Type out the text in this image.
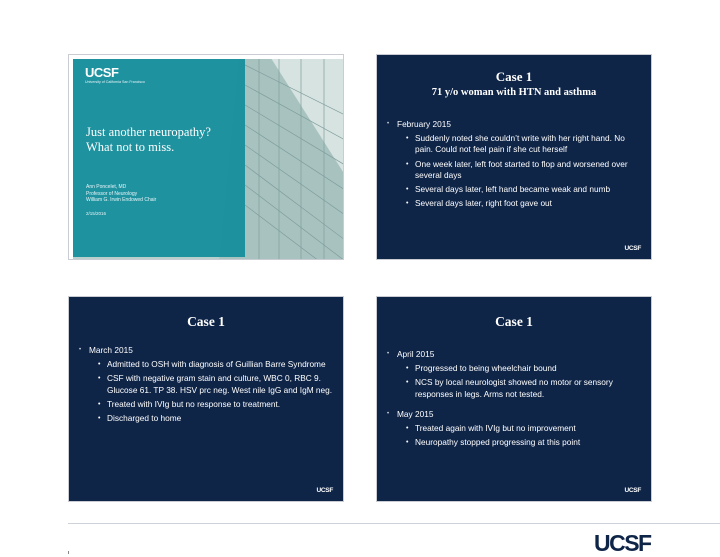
UCSF
University of California San Francisco
Just another neuropathy? What not to miss.
Ann Poncelet, MD
Professor of Neurology
William G. Irwin Endowed Chair
2/15/2016
Case 1
71 y/o woman with HTN and asthma
• February 2015
• Suddenly noted she couldn’t write with her right hand. No pain. Could not feel pain if she cut herself
• One week later, left foot started to flop and worsened over several days
• Several days later, left hand became weak and numb
• Several days later, right foot gave out
UCSF
Case 1
• March 2015
• Admitted to OSH with diagnosis of Guillian Barre Syndrome
• CSF with negative gram stain and culture, WBC 0, RBC 9. Glucose 61. TP 38. HSV prc neg. West nile IgG and IgM neg.
• Treated with IVIg but no response to treatment.
• Discharged to home
UCSF
Case 1
• April 2015
• Progressed to being wheelchair bound
• NCS by local neurologist showed no motor or sensory responses in legs. Arms not tested.
• May 2015
• Treated again with IVIg but no improvement
• Neuropathy stopped progressing at this point
UCSF
UCSF
